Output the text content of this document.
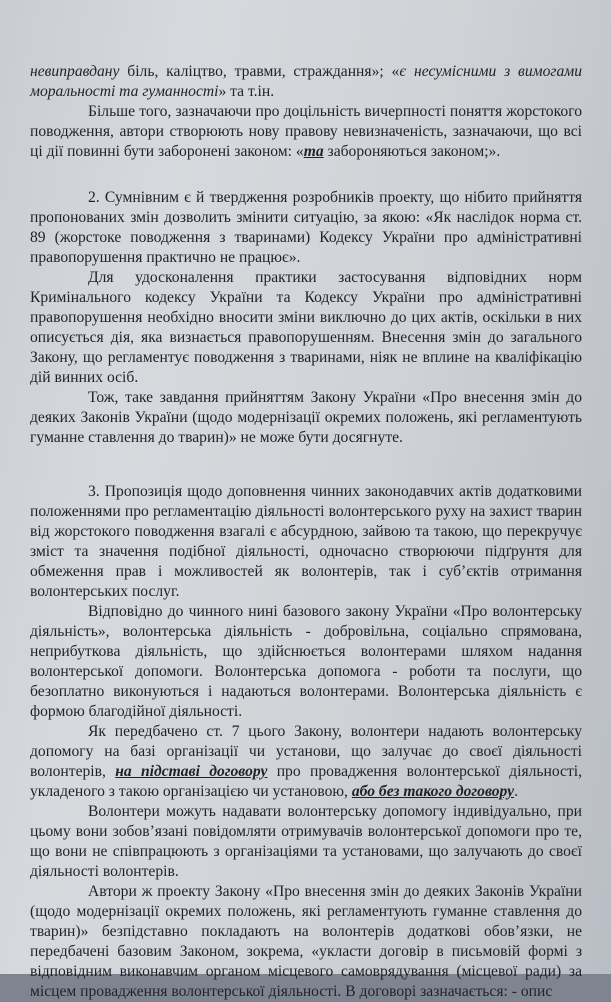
невиправдану біль, каліцтво, травми, страждання»; «є несумісними з вимогами моральності та гуманності» та т.ін.

Більше того, зазначаючи про доцільність вичерпності поняття жорстокого поводження, автори створюють нову правову невизначеність, зазначаючи, що всі ці дії повинні бути заборонені законом: «та забороняються законом;».

2. Сумнівним є й твердження розробників проекту, що нібито прийняття пропонованих змін дозволить змінити ситуацію, за якою: «Як наслідок норма ст. 89 (жорстоке поводження з тваринами) Кодексу України про адміністративні правопорушення практично не працює».

Для удосконалення практики застосування відповідних норм Кримінального кодексу України та Кодексу України про адміністративні правопорушення необхідно вносити зміни виключно до цих актів, оскільки в них описується дія, яка визнається правопорушенням. Внесення змін до загального Закону, що регламентує поводження з тваринами, ніяк не вплине на кваліфікацію дій винних осіб.

Тож, таке завдання прийняттям Закону України «Про внесення змін до деяких Законів України (щодо модернізації окремих положень, які регламентують гуманне ставлення до тварин)» не може бути досягнуте.

3. Пропозиція щодо доповнення чинних законодавчих актів додатковими положеннями про регламентацію діяльності волонтерського руху на захист тварин від жорстокого поводження взагалі є абсурдною, зайвою та такою, що перекручує зміст та значення подібної діяльності, одночасно створюючи підґрунтя для обмеження прав і можливостей як волонтерів, так і суб’єктів отримання волонтерських послуг.

Відповідно до чинного нині базового закону України «Про волонтерську діяльність», волонтерська діяльність - добровільна, соціально спрямована, неприбуткова діяльність, що здійснюється волонтерами шляхом надання волонтерської допомоги. Волонтерська допомога - роботи та послуги, що безоплатно виконуються і надаються волонтерами. Волонтерська діяльність є формою благодійної діяльності.

Як передбачено ст. 7 цього Закону, волонтери надають волонтерську допомогу на базі організації чи установи, що залучає до своєї діяльності волонтерів, на підставі договору про провадження волонтерської діяльності, укладеного з такою організацією чи установою, або без такого договору.

Волонтери можуть надавати волонтерську допомогу індивідуально, при цьому вони зобов’язані повідомляти отримувачів волонтерської допомоги про те, що вони не співпрацюють з організаціями та установами, що залучають до своєї діяльності волонтерів.

Автори ж проекту Закону «Про внесення змін до деяких Законів України (щодо модернізації окремих положень, які регламентують гуманне ставлення до тварин)» безпідставно покладають на волонтерів додаткові обов’язки, не передбачені базовим Законом, зокрема, «укласти договір в письмовій формі з відповідним виконавчим органом місцевого самоврядування (місцевої ради) за місцем провадження волонтерської діяльності. В договорі зазначається: - опис
